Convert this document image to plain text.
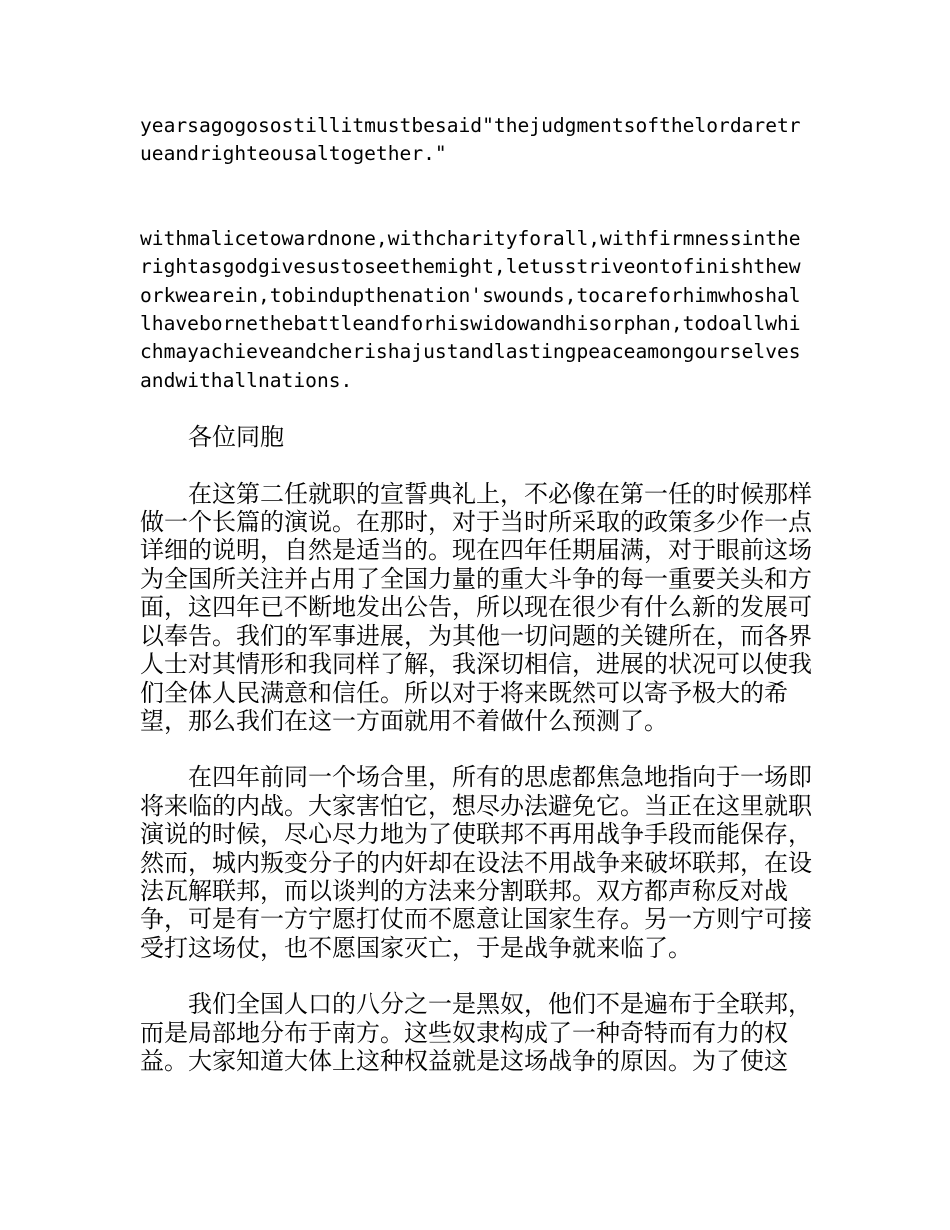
yearsagogosostillitmustbesaid"thejudgmentsofthelordaretrueandrighteousaltogether."

withmalicetowardnone,withcharityforall,withfirmnessintherightasgodgivesustoseethemight,letusstriveontofinishtheworkwearein,tobindupthenation'swounds,tocareforhimwhoshallhavebornethebattleandforhiswidowandhisorphan,todoallwhichmayachieveandcherishajustandlastingpeaceamongourselvesandwithallnations.

各位同胞

在这第二任就职的宣誓典礼上，不必像在第一任的时候那样做一个长篇的演说。在那时，对于当时所采取的政策多少作一点详细的说明，自然是适当的。现在四年任期届满，对于眼前这场为全国所关注并占用了全国力量的重大斗争的每一重要关头和方面，这四年已不断地发出公告，所以现在很少有什么新的发展可以奉告。我们的军事进展，为其他一切问题的关键所在，而各界人士对其情形和我同样了解，我深切相信，进展的状况可以使我们全体人民满意和信任。所以对于将来既然可以寄予极大的希望，那么我们在这一方面就用不着做什么预测了。

在四年前同一个场合里，所有的思虑都焦急地指向于一场即将来临的内战。大家害怕它，想尽办法避免它。当正在这里就职演说的时候，尽心尽力地为了使联邦不再用战争手段而能保存，然而，城内叛变分子的内奸却在设法不用战争来破坏联邦，在设法瓦解联邦，而以谈判的方法来分割联邦。双方都声称反对战争，可是有一方宁愿打仗而不愿意让国家生存。另一方则宁可接受打这场仗，也不愿国家灭亡，于是战争就来临了。

我们全国人口的八分之一是黑奴，他们不是遍布于全联邦，而是局部地分布于南方。这些奴隶构成了一种奇特而有力的权益。大家知道大体上这种权益就是这场战争的原因。为了使这
